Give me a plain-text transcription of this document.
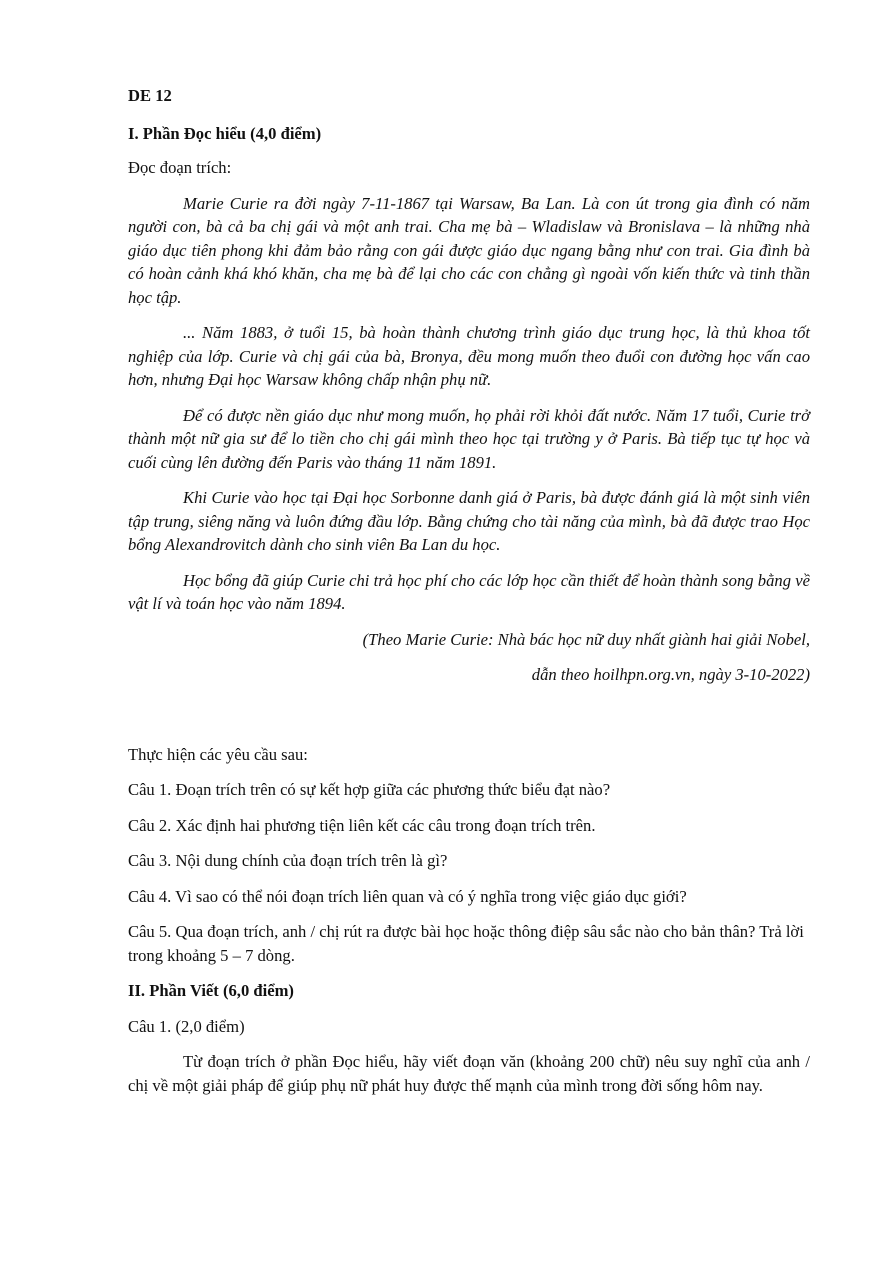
DE 12

I. Phần Đọc hiểu (4,0 điểm)

Đọc đoạn trích:

Marie Curie ra đời ngày 7-11-1867 tại Warsaw, Ba Lan. Là con út trong gia đình có năm người con, bà cả ba chị gái và một anh trai. Cha mẹ bà – Wladislaw và Bronislava – là những nhà giáo dục tiên phong khi đảm bảo rằng con gái được giáo dục ngang bằng như con trai. Gia đình bà có hoàn cảnh khá khó khăn, cha mẹ bà để lại cho các con chẳng gì ngoài vốn kiến thức và tinh thần học tập.

... Năm 1883, ở tuổi 15, bà hoàn thành chương trình giáo dục trung học, là thủ khoa tốt nghiệp của lớp. Curie và chị gái của bà, Bronya, đều mong muốn theo đuổi con đường học vấn cao hơn, nhưng Đại học Warsaw không chấp nhận phụ nữ.

Để có được nền giáo dục như mong muốn, họ phải rời khỏi đất nước. Năm 17 tuổi, Curie trở thành một nữ gia sư để lo tiền cho chị gái mình theo học tại trường y ở Paris. Bà tiếp tục tự học và cuối cùng lên đường đến Paris vào tháng 11 năm 1891.

Khi Curie vào học tại Đại học Sorbonne danh giá ở Paris, bà được đánh giá là một sinh viên tập trung, siêng năng và luôn đứng đầu lớp. Bằng chứng cho tài năng của mình, bà đã được trao Học bổng Alexandrovitch dành cho sinh viên Ba Lan du học.

Học bổng đã giúp Curie chi trả học phí cho các lớp học cần thiết để hoàn thành song bằng về vật lí và toán học vào năm 1894.

(Theo Marie Curie: Nhà bác học nữ duy nhất giành hai giải Nobel,

dẫn theo hoilhpn.org.vn, ngày 3-10-2022)

Thực hiện các yêu cầu sau:

Câu 1. Đoạn trích trên có sự kết hợp giữa các phương thức biểu đạt nào?

Câu 2. Xác định hai phương tiện liên kết các câu trong đoạn trích trên.

Câu 3. Nội dung chính của đoạn trích trên là gì?

Câu 4. Vì sao có thể nói đoạn trích liên quan và có ý nghĩa trong việc giáo dục giới?

Câu 5. Qua đoạn trích, anh / chị rút ra được bài học hoặc thông điệp sâu sắc nào cho bản thân? Trả lời trong khoảng 5 – 7 dòng.

II. Phần Viết (6,0 điểm)

Câu 1. (2,0 điểm)

Từ đoạn trích ở phần Đọc hiểu, hãy viết đoạn văn (khoảng 200 chữ) nêu suy nghĩ của anh / chị về một giải pháp để giúp phụ nữ phát huy được thế mạnh của mình trong đời sống hôm nay.
